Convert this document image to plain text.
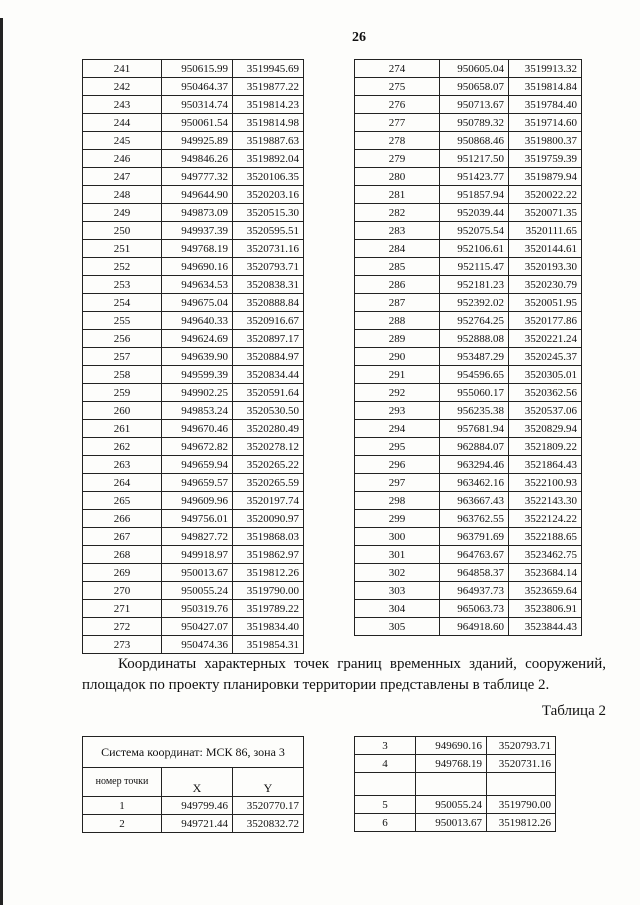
26
241	950615.99	3519945.69
242	950464.37	3519877.22
243	950314.74	3519814.23
244	950061.54	3519814.98
245	949925.89	3519887.63
246	949846.26	3519892.04
247	949777.32	3520106.35
248	949644.90	3520203.16
249	949873.09	3520515.30
250	949937.39	3520595.51
251	949768.19	3520731.16
252	949690.16	3520793.71
253	949634.53	3520838.31
254	949675.04	3520888.84
255	949640.33	3520916.67
256	949624.69	3520897.17
257	949639.90	3520884.97
258	949599.39	3520834.44
259	949902.25	3520591.64
260	949853.24	3520530.50
261	949670.46	3520280.49
262	949672.82	3520278.12
263	949659.94	3520265.22
264	949659.57	3520265.59
265	949609.96	3520197.74
266	949756.01	3520090.97
267	949827.72	3519868.03
268	949918.97	3519862.97
269	950013.67	3519812.26
270	950055.24	3519790.00
271	950319.76	3519789.22
272	950427.07	3519834.40
273	950474.36	3519854.31
274	950605.04	3519913.32
275	950658.07	3519814.84
276	950713.67	3519784.40
277	950789.32	3519714.60
278	950868.46	3519800.37
279	951217.50	3519759.39
280	951423.77	3519879.94
281	951857.94	3520022.22
282	952039.44	3520071.35
283	952075.54	3520111.65
284	952106.61	3520144.61
285	952115.47	3520193.30
286	952181.23	3520230.79
287	952392.02	3520051.95
288	952764.25	3520177.86
289	952888.08	3520221.24
290	953487.29	3520245.37
291	954596.65	3520305.01
292	955060.17	3520362.56
293	956235.38	3520537.06
294	957681.94	3520829.94
295	962884.07	3521809.22
296	963294.46	3521864.43
297	963462.16	3522100.93
298	963667.43	3522143.30
299	963762.55	3522124.22
300	963791.69	3522188.65
301	964763.67	3523462.75
302	964858.37	3523684.14
303	964937.73	3523659.64
304	965063.73	3523806.91
305	964918.60	3523844.43
Координаты характерных точек границ временных зданий, сооружений, площадок по проекту планировки территории представлены в таблице 2.
Таблица 2
Система координат: МСК 86, зона 3		
номер точки	X	Y
1	949799.46	3520770.17
2	949721.44	3520832.72
3	949690.16	3520793.71
4	949768.19	3520731.16

5	950055.24	3519790.00
6	950013.67	3519812.26
